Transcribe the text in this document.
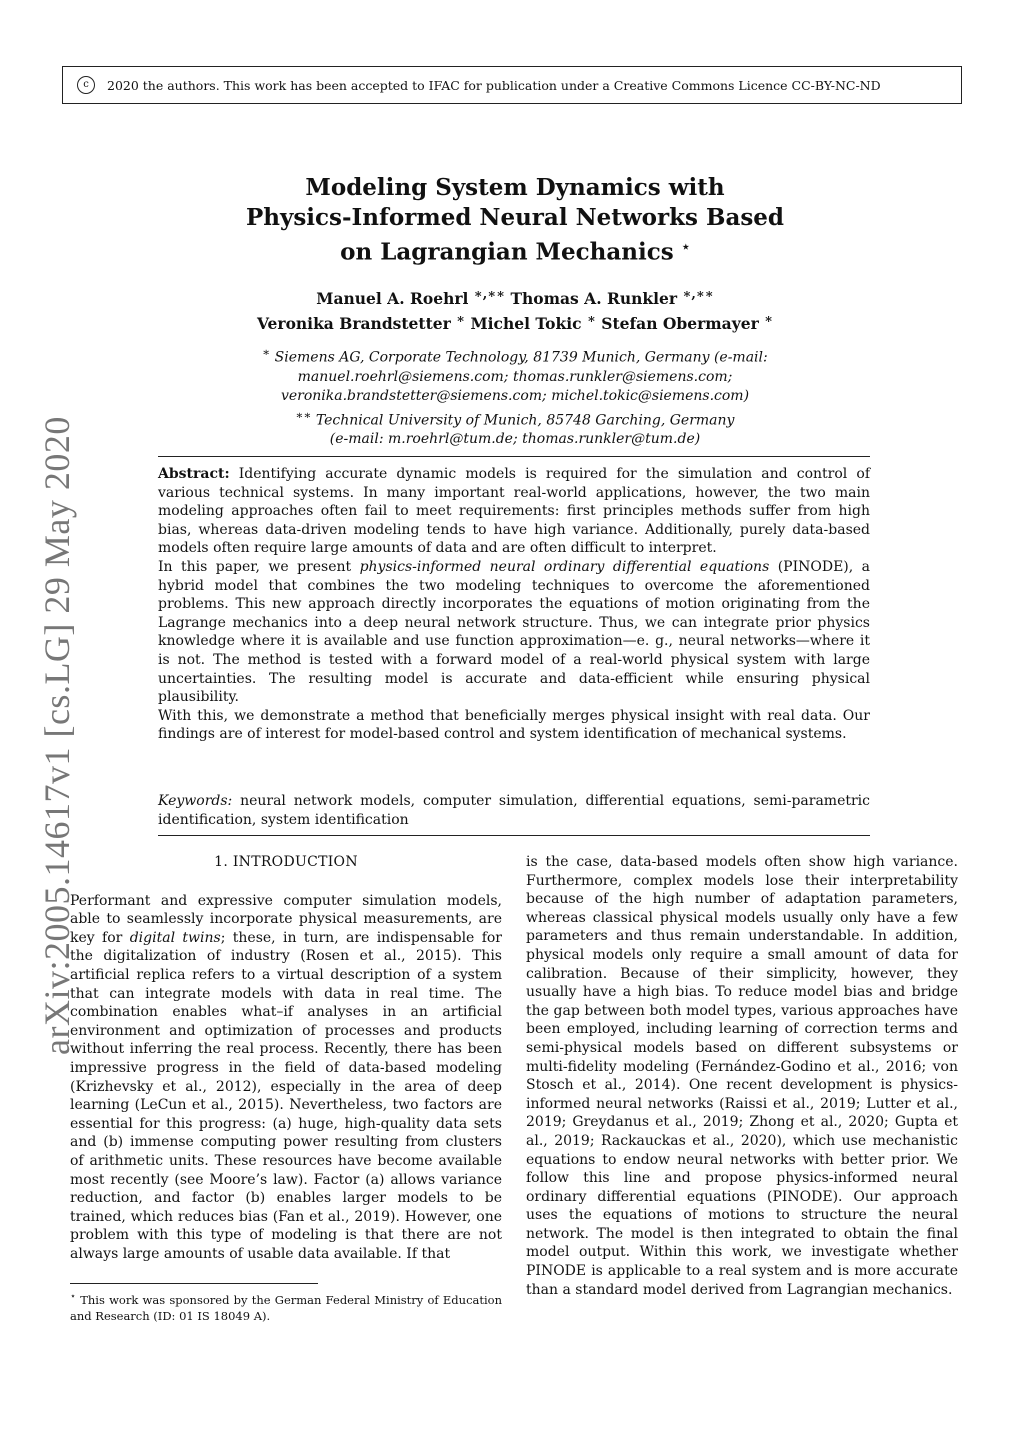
c	2020 the authors. This work has been accepted to IFAC for publication under a Creative Commons Licence CC-BY-NC-ND
arXiv:2005.14617v1 [cs.LG] 29 May 2020
Modeling System Dynamics with
Physics-Informed Neural Networks Based
on Lagrangian Mechanics ⋆
Manuel A. Roehrl ∗,∗∗ Thomas A. Runkler ∗,∗∗
Veronika Brandstetter ∗ Michel Tokic ∗ Stefan Obermayer ∗
∗ Siemens AG, Corporate Technology, 81739 Munich, Germany (e-mail:
manuel.roehrl@siemens.com; thomas.runkler@siemens.com;
veronika.brandstetter@siemens.com; michel.tokic@siemens.com)
∗∗ Technical University of Munich, 85748 Garching, Germany
(e-mail: m.roehrl@tum.de; thomas.runkler@tum.de)

Abstract: Identifying accurate dynamic models is required for the simulation and control of various technical systems. In many important real-world applications, however, the two main modeling approaches often fail to meet requirements: first principles methods suffer from high bias, whereas data-driven modeling tends to have high variance. Additionally, purely data-based models often require large amounts of data and are often difficult to interpret.

In this paper, we present physics-informed neural ordinary differential equations (PINODE), a hybrid model that combines the two modeling techniques to overcome the aforementioned problems. This new approach directly incorporates the equations of motion originating from the Lagrange mechanics into a deep neural network structure. Thus, we can integrate prior physics knowledge where it is available and use function approximation—e. g., neural networks—where it is not. The method is tested with a forward model of a real-world physical system with large uncertainties. The resulting model is accurate and data-efficient while ensuring physical plausibility.

With this, we demonstrate a method that beneficially merges physical insight with real data. Our findings are of interest for model-based control and system identification of mechanical systems.

Keywords: neural network models, computer simulation, differential equations, semi-parametric identification, system identification
1. INTRODUCTION

Performant and expressive computer simulation models, able to seamlessly incorporate physical measurements, are key for digital twins; these, in turn, are indispensable for the digitalization of industry (Rosen et al., 2015). This artificial replica refers to a virtual description of a system that can integrate models with data in real time. The combination enables what–if analyses in an artificial environment and optimization of processes and products without inferring the real process. Recently, there has been impressive progress in the field of data-based modeling (Krizhevsky et al., 2012), especially in the area of deep learning (LeCun et al., 2015). Nevertheless, two factors are essential for this progress: (a) huge, high-quality data sets and (b) immense computing power resulting from clusters of arithmetic units. These resources have become available most recently (see Moore’s law). Factor (a) allows variance reduction, and factor (b) enables larger models to be trained, which reduces bias (Fan et al., 2019). However, one problem with this type of modeling is that there are not always large amounts of usable data available. If that

is the case, data-based models often show high variance. Furthermore, complex models lose their interpretability because of the high number of adaptation parameters, whereas classical physical models usually only have a few parameters and thus remain understandable. In addition, physical models only require a small amount of data for calibration. Because of their simplicity, however, they usually have a high bias. To reduce model bias and bridge the gap between both model types, various approaches have been employed, including learning of correction terms and semi-physical models based on different subsystems or multi-fidelity modeling (Fernández-Godino et al., 2016; von Stosch et al., 2014). One recent development is physics-informed neural networks (Raissi et al., 2019; Lutter et al., 2019; Greydanus et al., 2019; Zhong et al., 2020; Gupta et al., 2019; Rackauckas et al., 2020), which use mechanistic equations to endow neural networks with better prior. We follow this line and propose physics-informed neural ordinary differential equations (PINODE). Our approach uses the equations of motions to structure the neural network. The model is then integrated to obtain the final model output. Within this work, we investigate whether PINODE is applicable to a real system and is more accurate than a standard model derived from Lagrangian mechanics.

⋆ This work was sponsored by the German Federal Ministry of Education and Research (ID: 01 IS 18049 A).
